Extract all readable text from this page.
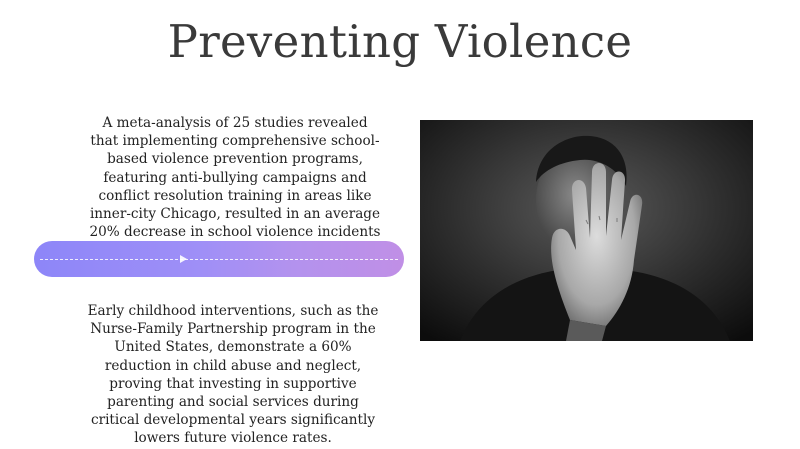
Preventing Violence
A meta-analysis of 25 studies revealed
that implementing comprehensive school-
based violence prevention programs,
featuring anti-bullying campaigns and
conflict resolution training in areas like
inner-city Chicago, resulted in an average
20% decrease in school violence incidents

Early childhood interventions, such as the
Nurse-Family Partnership program in the
United States, demonstrate a 60%
reduction in child abuse and neglect,
proving that investing in supportive
parenting and social services during
critical developmental years significantly
lowers future violence rates.
